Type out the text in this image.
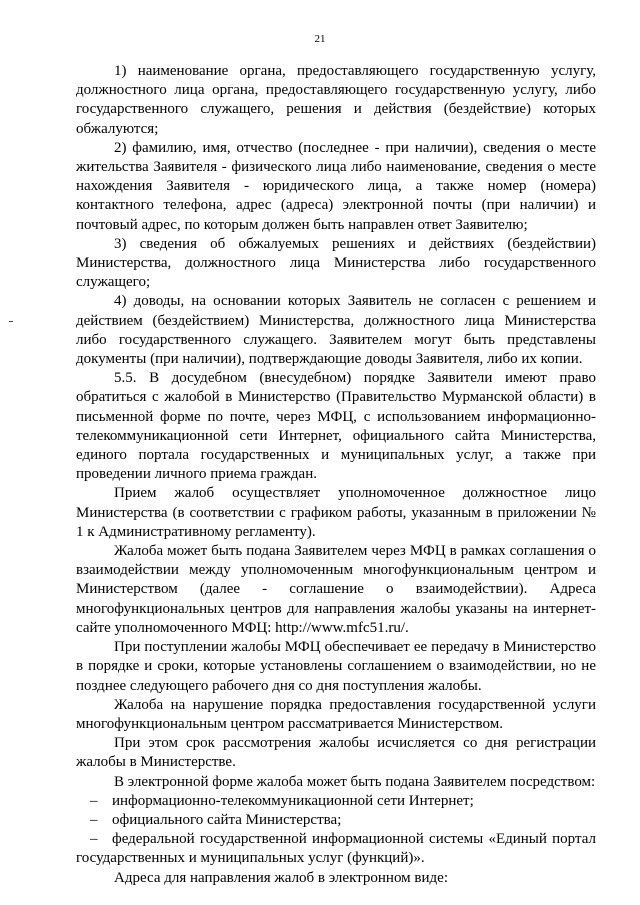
21

1) наименование органа, предоставляющего государственную услугу, должностного лица органа, предоставляющего государственную услугу, либо государственного служащего, решения и действия (бездействие) которых обжалуются;

2) фамилию, имя, отчество (последнее - при наличии), сведения о месте жительства Заявителя - физического лица либо наименование, сведения о месте нахождения Заявителя - юридического лица, а также номер (номера) контактного телефона, адрес (адреса) электронной почты (при наличии) и почтовый адрес, по которым должен быть направлен ответ Заявителю;

3) сведения об обжалуемых решениях и действиях (бездействии) Министерства, должностного лица Министерства либо государственного служащего;

4) доводы, на основании которых Заявитель не согласен с решением и действием (бездействием) Министерства, должностного лица Министерства либо государственного служащего. Заявителем могут быть представлены документы (при наличии), подтверждающие доводы Заявителя, либо их копии.

5.5. В досудебном (внесудебном) порядке Заявители имеют право обратиться с жалобой в Министерство (Правительство Мурманской области) в письменной форме по почте, через МФЦ, с использованием информационно-телекоммуникационной сети Интернет, официального сайта Министерства, единого портала государственных и муниципальных услуг, а также при проведении личного приема граждан.

Прием жалоб осуществляет уполномоченное должностное лицо Министерства (в соответствии с графиком работы, указанным в приложении № 1 к Административному регламенту).

Жалоба может быть подана Заявителем через МФЦ в рамках соглашения о взаимодействии между уполномоченным многофункциональным центром и Министерством (далее - соглашение о взаимодействии). Адреса многофункциональных центров для направления жалобы указаны на интернет-сайте уполномоченного МФЦ: http://www.mfc51.ru/.

При поступлении жалобы МФЦ обеспечивает ее передачу в Министерство в порядке и сроки, которые установлены соглашением о взаимодействии, но не позднее следующего рабочего дня со дня поступления жалобы.

Жалоба на нарушение порядка предоставления государственной услуги многофункциональным центром рассматривается Министерством.

При этом срок рассмотрения жалобы исчисляется со дня регистрации жалобы в Министерстве.

В электронной форме жалоба может быть подана Заявителем посредством:

– информационно-телекоммуникационной сети Интернет;

– официального сайта Министерства;

– федеральной государственной информационной системы «Единый портал государственных и муниципальных услуг (функций)».

Адреса для направления жалоб в электронном виде:
